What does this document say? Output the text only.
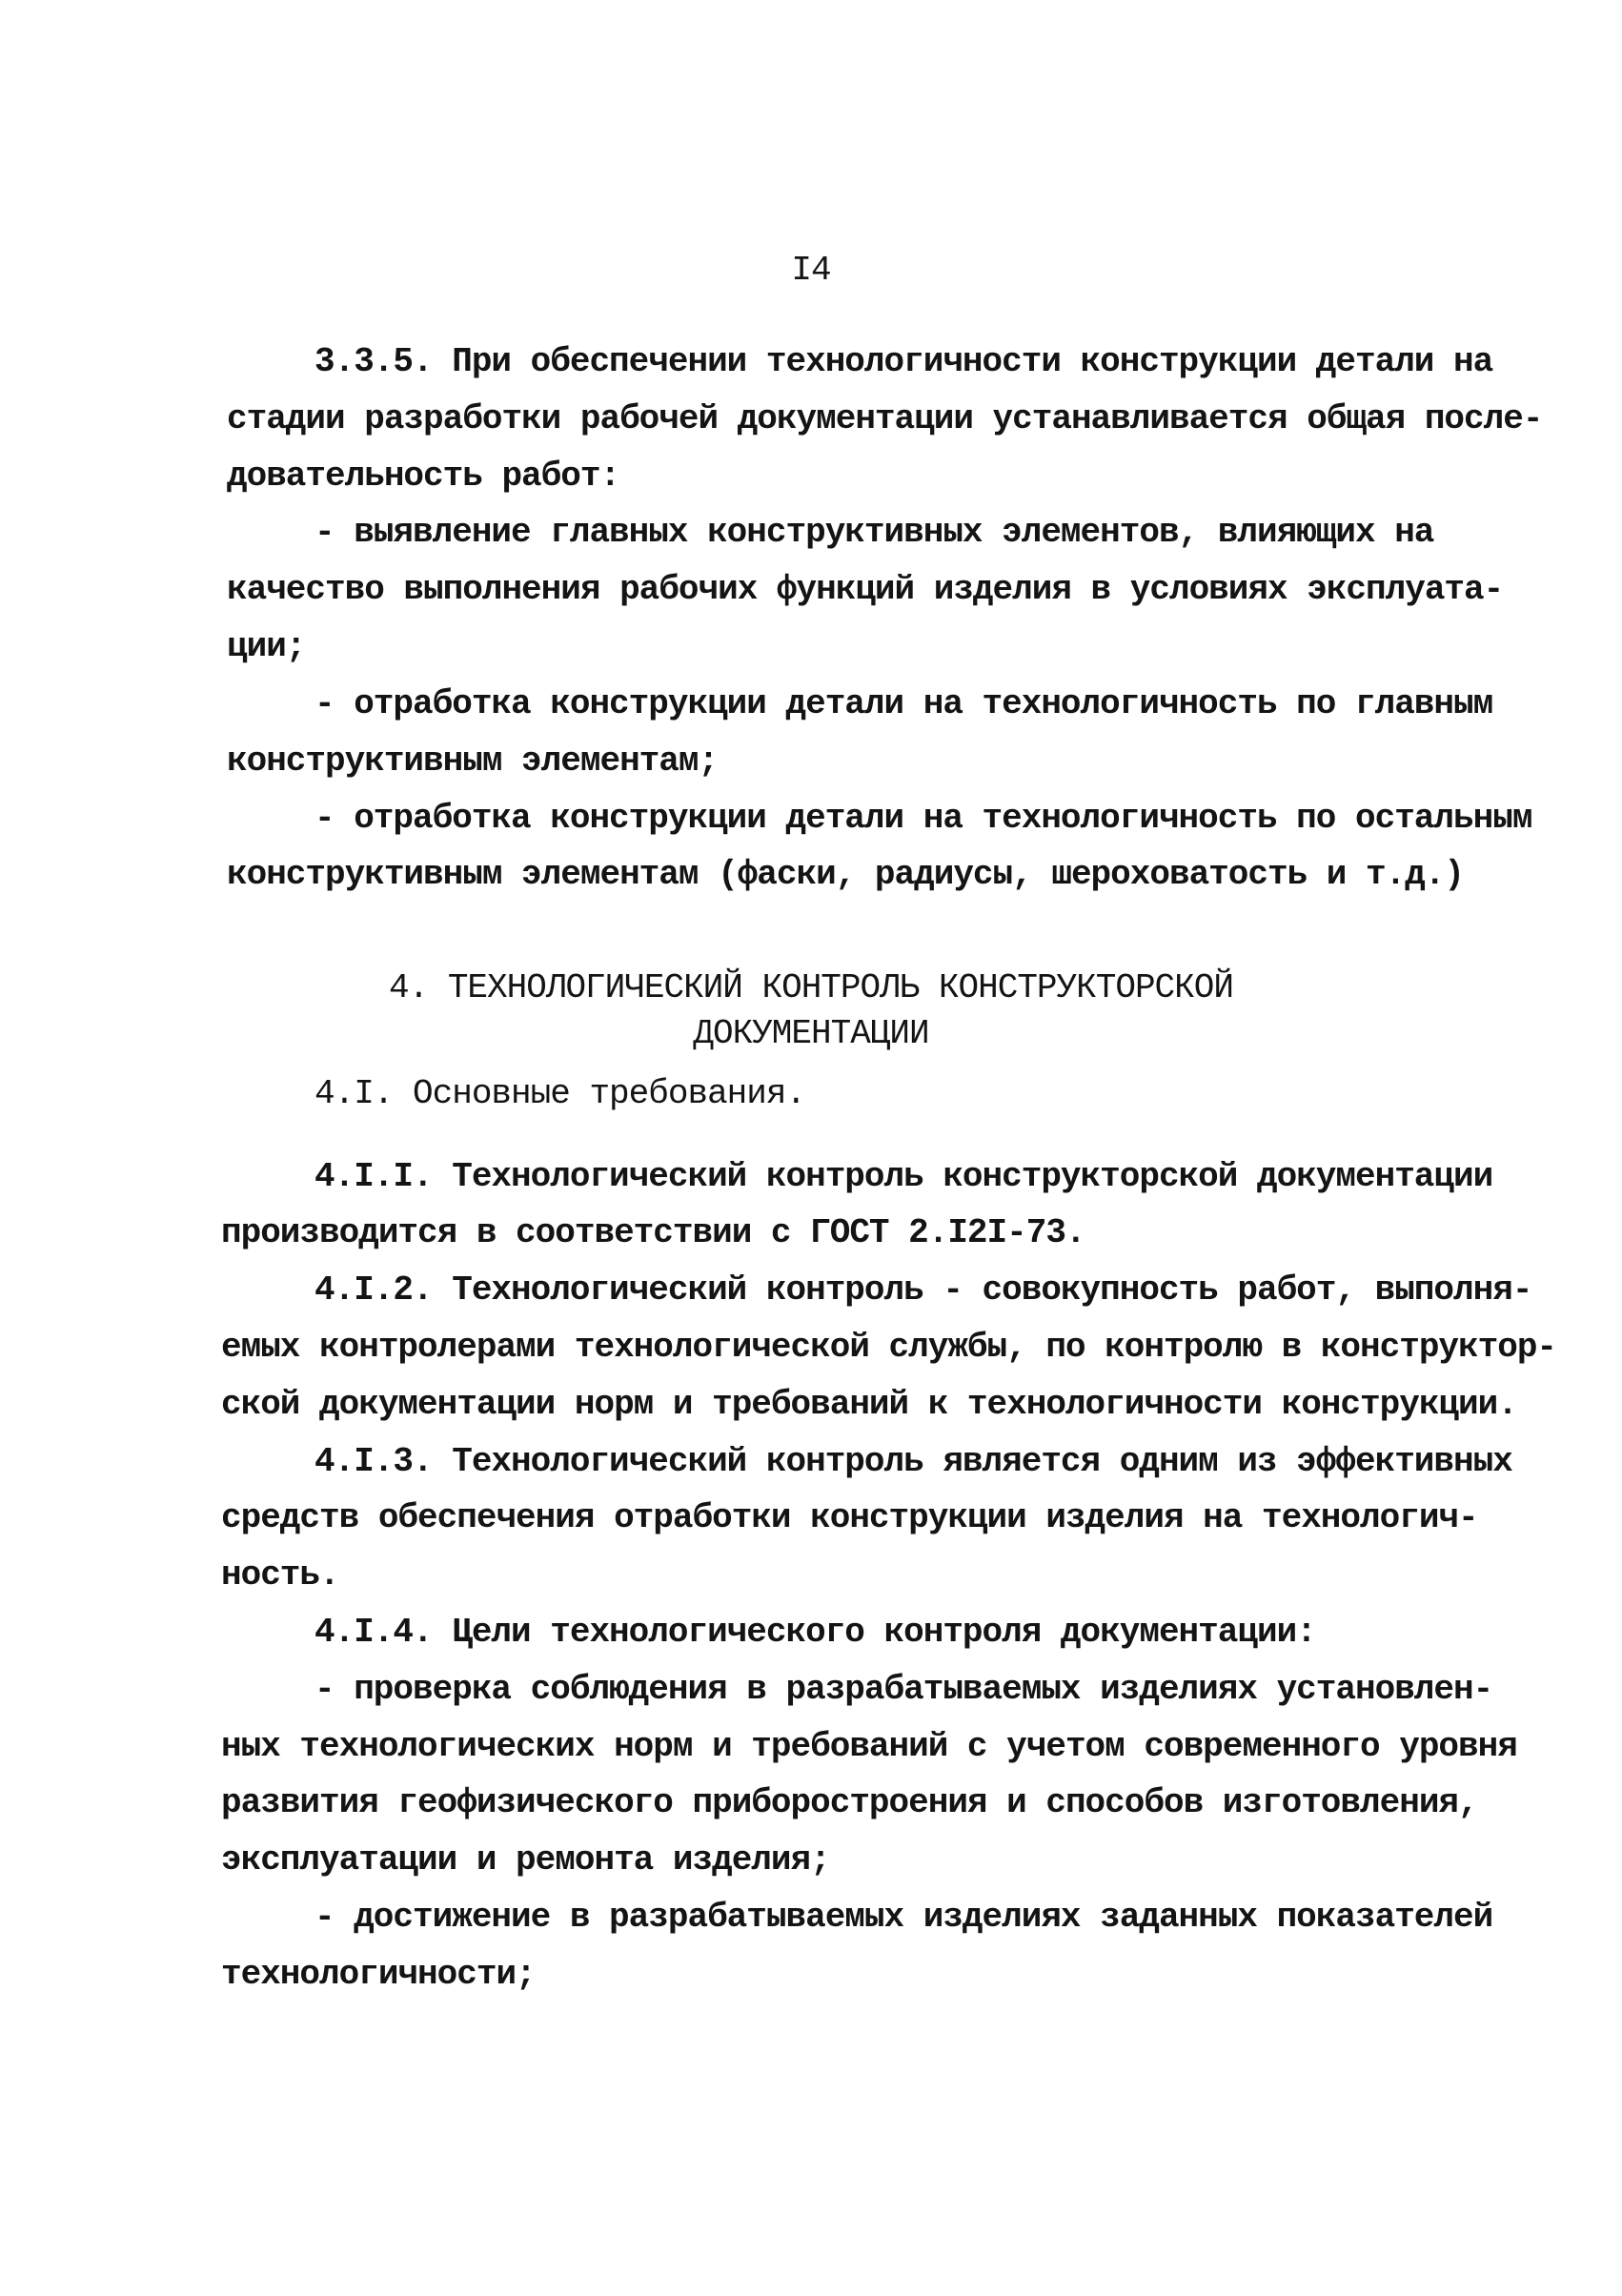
I4
3.3.5. При обеспечении технологичности конструкции детали на
стадии разработки рабочей документации устанавливается общая после-
довательность работ:
- выявление главных конструктивных элементов, влияющих на
качество выполнения рабочих функций изделия в условиях эксплуата-
ции;
- отработка конструкции детали на технологичность по главным
конструктивным элементам;
- отработка конструкции детали на технологичность по остальным
конструктивным элементам (фаски, радиусы, шероховатость и т.д.)
4. ТЕХНОЛОГИЧЕСКИЙ КОНТРОЛЬ КОНСТРУКТОРСКОЙ
ДОКУМЕНТАЦИИ
4.I. Основные требования.
4.I.I. Технологический контроль конструкторской документации
производится в соответствии с ГОСТ 2.I2I-73.
4.I.2. Технологический контроль - совокупность работ, выполня-
емых контролерами технологической службы, по контролю в конструктор-
ской документации норм и требований к технологичности конструкции.
4.I.3. Технологический контроль является одним из эффективных
средств обеспечения отработки конструкции изделия на технологич-
ность.
4.I.4. Цели технологического контроля документации:
- проверка соблюдения в разрабатываемых изделиях установлен-
ных технологических норм и требований с учетом современного уровня
развития геофизического приборостроения и способов изготовления,
эксплуатации и ремонта изделия;
- достижение в разрабатываемых изделиях заданных показателей
технологичности;
